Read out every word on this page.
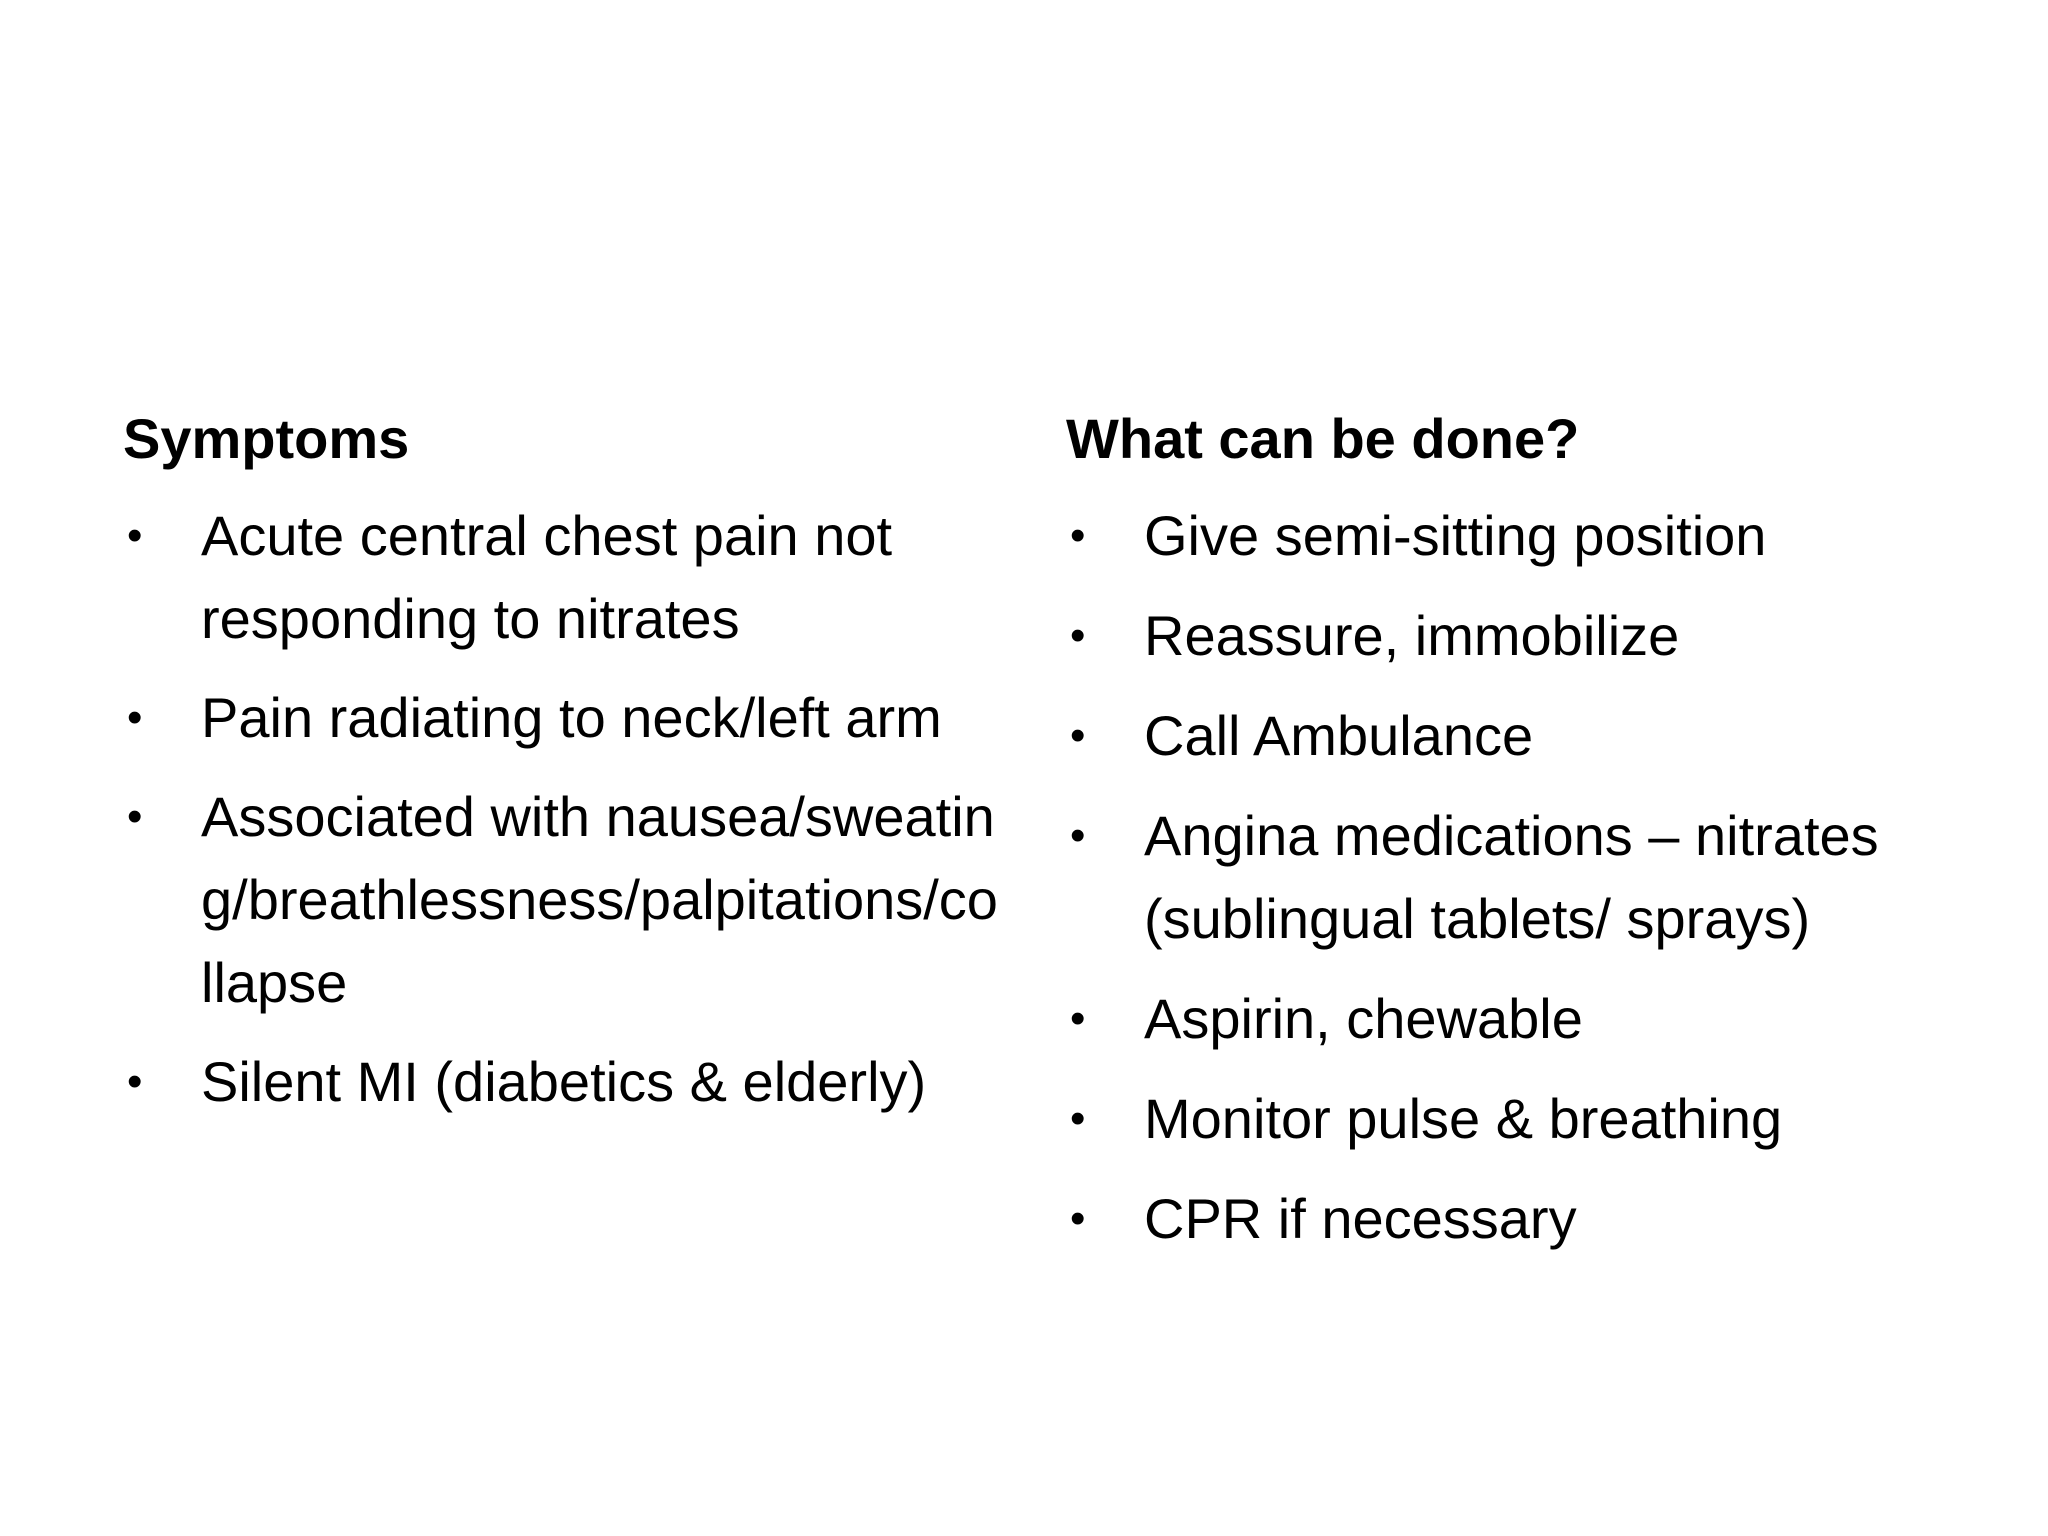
Symptoms
• Acute central chest pain not responding to nitrates
• Pain radiating to neck/left arm
• Associated with nausea/sweating/breathlessness/palpitations/collapse
• Silent MI (diabetics & elderly)
What can be done?
• Give semi-sitting position
• Reassure, immobilize
• Call Ambulance
• Angina medications – nitrates (sublingual tablets/ sprays)
• Aspirin, chewable
• Monitor pulse & breathing
• CPR if necessary
